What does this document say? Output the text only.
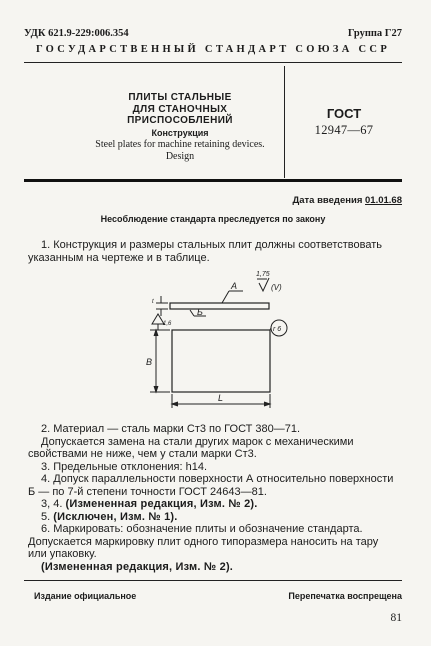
УДК 621.9-229:006.354	Группа Г27
ГОСУДАРСТВЕННЫЙ СТАНДАРТ СОЮЗА ССР
ПЛИТЫ СТАЛЬНЫЕ
ДЛЯ СТАНОЧНЫХ
ПРИСПОСОБЛЕНИЙ
Конструкция
Steel plates for machine retaining devices.
Design
ГОСТ
12947—67
Дата введения 01.01.68
Несоблюдение стандарта преследуется по закону
1. Конструкция и размеры стальных плит должны соответствовать указанным на чертеже и в таблице.
1,75
(V)
A
Б
1,6
r 6
t
B
L

2. Материал — сталь марки Ст3 по ГОСТ 380—71.

Допускается замена на стали других марок с механическими свойствами не ниже, чем у стали марки Ст3.

3. Предельные отклонения: h14.

4. Допуск параллельности поверхности А относительно поверхности Б — по 7-й степени точности ГОСТ 24643—81.

3, 4. (Измененная редакция, Изм. № 2).

5. (Исключен, Изм. № 1).

6. Маркировать: обозначение плиты и обозначение стандарта. Допускается маркировку плит одного типоразмера наносить на тару или упаковку.

(Измененная редакция, Изм. № 2).

Издание официальное	Перепечатка воспрещена
81
